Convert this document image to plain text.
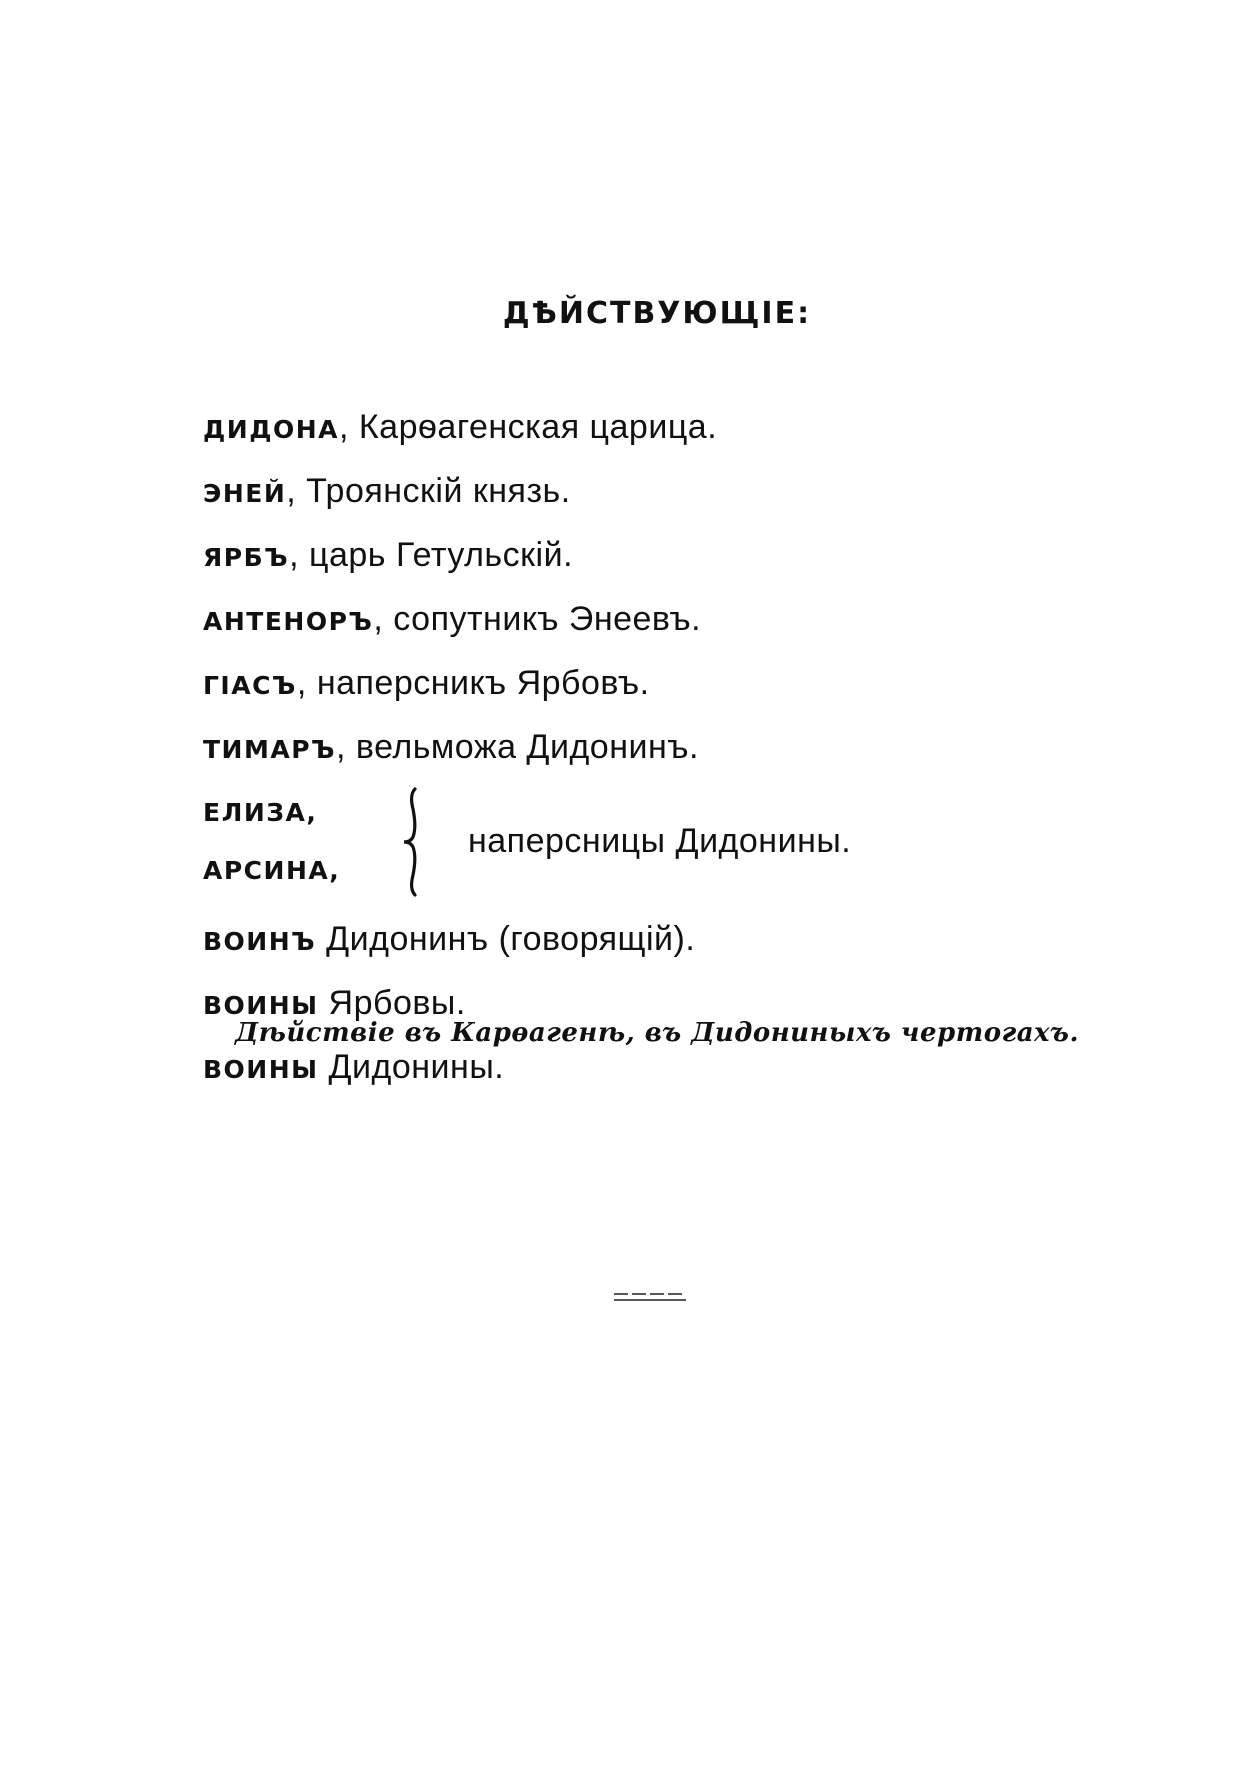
ДѢЙСТВУЮЩІЕ:
ДИДОНА, Карѳагенская царица.
ЭНЕЙ, Троянскій князь.
ЯРБЪ, царь Гетульскій.
АНТЕНОРЪ, сопутникъ Энеевъ.
ГІАСЪ, наперсникъ Ярбовъ.
ТИМАРЪ, вельможа Дидонинъ.
ЕЛИЗА,
АРСИНА,
наперсницы Дидонины.
ВОИНЪ Дидонинъ (говорящій).
ВОИНЫ Ярбовы.
ВОИНЫ Дидонины.
Дѣйствіе въ Карѳагенѣ, въ Дидониныхъ чертогахъ.
